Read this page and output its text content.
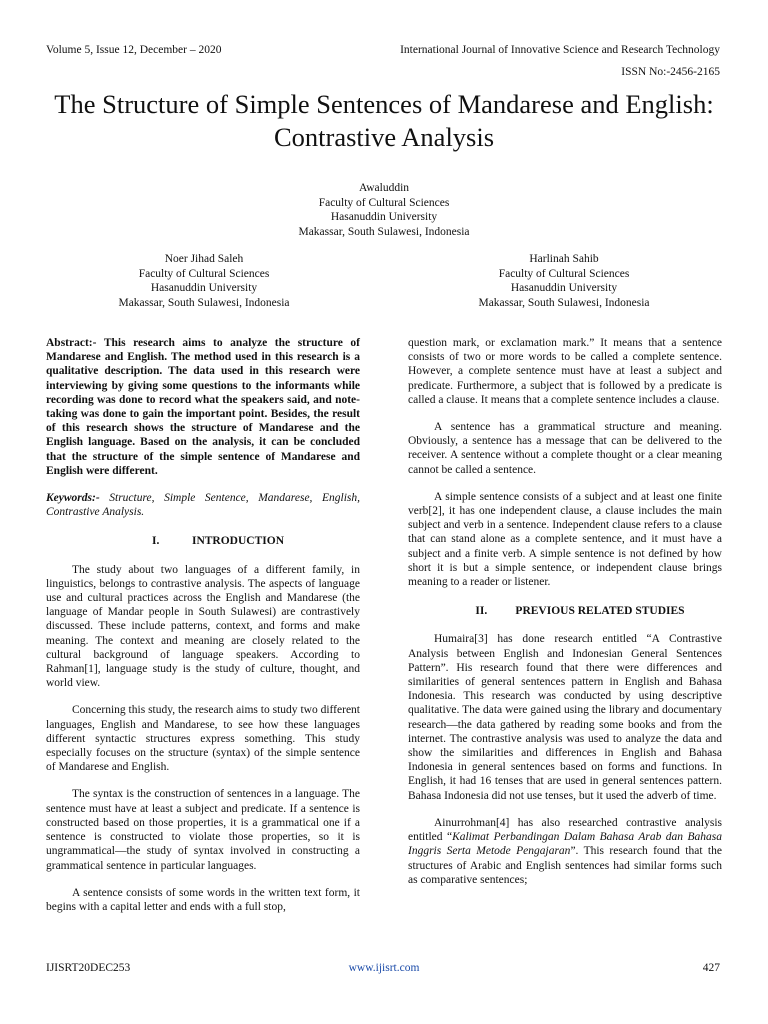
Volume 5, Issue 12, December – 2020	International Journal of Innovative Science and Research Technology
ISSN No:-2456-2165
The Structure of Simple Sentences of Mandarese and English: Contrastive Analysis
Awaluddin
Faculty of Cultural Sciences
Hasanuddin University
Makassar, South Sulawesi, Indonesia
Noer Jihad Saleh
Faculty of Cultural Sciences
Hasanuddin University
Makassar, South Sulawesi, Indonesia
Harlinah Sahib
Faculty of Cultural Sciences
Hasanuddin University
Makassar, South Sulawesi, Indonesia

Abstract:- This research aims to analyze the structure of Mandarese and English. The method used in this research is a qualitative description. The data used in this research were interviewing by giving some questions to the informants while recording was done to record what the speakers said, and note-taking was done to gain the important point. Besides, the result of this research shows the structure of Mandarese and the English language. Based on the analysis, it can be concluded that the structure of the simple sentence of Mandarese and English were different.

Keywords:- Structure, Simple Sentence, Mandarese, English, Contrastive Analysis.

I.	INTRODUCTION

The study about two languages of a different family, in linguistics, belongs to contrastive analysis. The aspects of language use and cultural practices across the English and Mandarese (the language of Mandar people in South Sulawesi) are contrastively discussed. These include patterns, context, and forms and make meaning. The context and meaning are closely related to the cultural background of language speakers. According to Rahman[1], language study is the study of culture, thought, and world view.

Concerning this study, the research aims to study two different languages, English and Mandarese, to see how these languages different syntactic structures express something. This study especially focuses on the structure (syntax) of the simple sentence of Mandarese and English.

The syntax is the construction of sentences in a language. The sentence must have at least a subject and predicate. If a sentence is constructed based on those properties, it is a grammatical one if a sentence is constructed to violate those properties, so it is ungrammatical—the study of syntax involved in constructing a grammatical sentence in particular languages.

A sentence consists of some words in the written text form, it begins with a capital letter and ends with a full stop,

question mark, or exclamation mark.” It means that a sentence consists of two or more words to be called a complete sentence. However, a complete sentence must have at least a subject and predicate. Furthermore, a subject that is followed by a predicate is called a clause. It means that a complete sentence includes a clause.

A sentence has a grammatical structure and meaning. Obviously, a sentence has a message that can be delivered to the receiver. A sentence without a complete thought or a clear meaning cannot be called a sentence.

A simple sentence consists of a subject and at least one finite verb[2], it has one independent clause, a clause includes the main subject and verb in a sentence. Independent clause refers to a clause that can stand alone as a complete sentence, and it must have a subject and a finite verb. A simple sentence is not defined by how short it is but a simple sentence, or independent clause brings meaning to a reader or listener.

II. PREVIOUS RELATED STUDIES

Humaira[3] has done research entitled “A Contrastive Analysis between English and Indonesian General Sentences Pattern”. His research found that there were differences and similarities of general sentences pattern in English and Bahasa Indonesia. This research was conducted by using descriptive qualitative. The data were gained using the library and documentary research—the data gathered by reading some books and from the internet. The contrastive analysis was used to analyze the data and show the similarities and differences in English and Bahasa Indonesia in general sentences based on forms and functions. In English, it had 16 tenses that are used in general sentences pattern. Bahasa Indonesia did not use tenses, but it used the adverb of time.

Ainurrohman[4] has also researched contrastive analysis entitled “Kalimat Perbandingan Dalam Bahasa Arab dan Bahasa Inggris Serta Metode Pengajaran”. This research found that the structures of Arabic and English sentences had similar forms such as comparative sentences;

IJISRT20DEC253	www.ijisrt.com	427
